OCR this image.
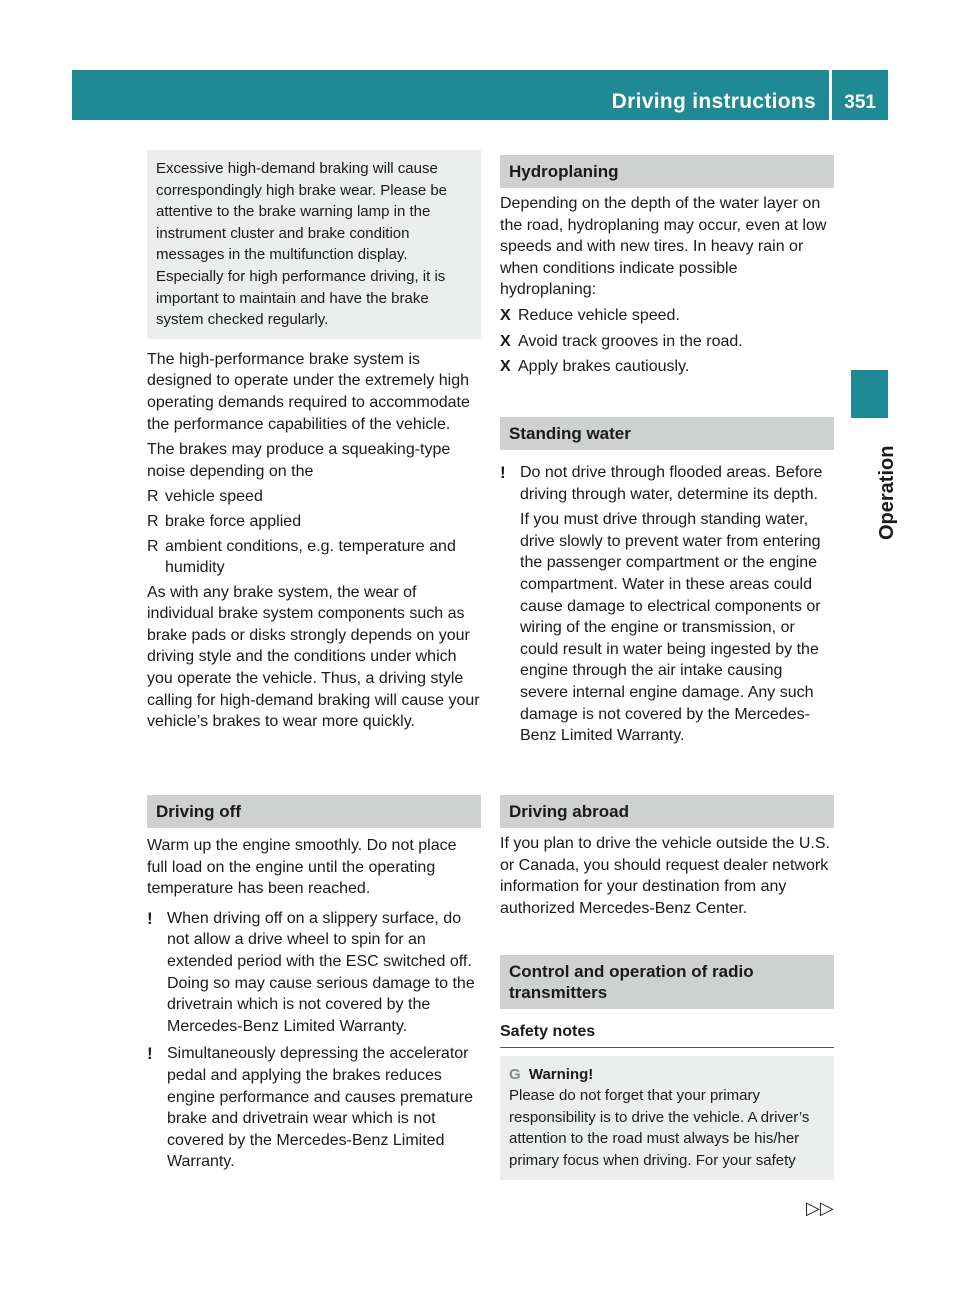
Driving instructions 351
Operation
Excessive high-demand braking will cause
correspondingly high brake wear. Please be
attentive to the brake warning lamp in the
instrument cluster and brake condition
messages in the multifunction display.
Especially for high performance driving, it is
important to maintain and have the brake
system checked regularly.

The high-performance brake system is designed to operate under the extremely high operating demands required to accommodate the performance capabilities of the vehicle.

The brakes may produce a squeaking-type noise depending on the

R vehicle speed
R brake force applied
R ambient conditions, e.g. temperature and humidity

As with any brake system, the wear of individual brake system components such as brake pads or disks strongly depends on your driving style and the conditions under which you operate the vehicle. Thus, a driving style calling for high-demand braking will cause your vehicle’s brakes to wear more quickly.

Driving off

Warm up the engine smoothly. Do not place full load on the engine until the operating temperature has been reached.

! When driving off on a slippery surface, do not allow a drive wheel to spin for an extended period with the ESC switched off. Doing so may cause serious damage to the drivetrain which is not covered by the Mercedes-Benz Limited Warranty.
! Simultaneously depressing the accelerator pedal and applying the brakes reduces engine performance and causes premature brake and drivetrain wear which is not covered by the Mercedes-Benz Limited Warranty.
Hydroplaning

Depending on the depth of the water layer on the road, hydroplaning may occur, even at low speeds and with new tires. In heavy rain or when conditions indicate possible hydroplaning:

X Reduce vehicle speed.
X Avoid track grooves in the road.
X Apply brakes cautiously.
Standing water
! Do not drive through flooded areas. Before driving through water, determine its depth.
If you must drive through standing water, drive slowly to prevent water from entering the passenger compartment or the engine compartment. Water in these areas could cause damage to electrical components or wiring of the engine or transmission, or could result in water being ingested by the engine through the air intake causing severe internal engine damage. Any such damage is not covered by the Mercedes-Benz Limited Warranty.
Driving abroad

If you plan to drive the vehicle outside the U.S. or Canada, you should request dealer network information for your destination from any authorized Mercedes-Benz Center.

Control and operation of radio
transmitters
Safety notes
G Warning!
Please do not forget that your primary responsibility is to drive the vehicle. A driver’s attention to the road must always be his/her primary focus when driving. For your safety
▷▷
